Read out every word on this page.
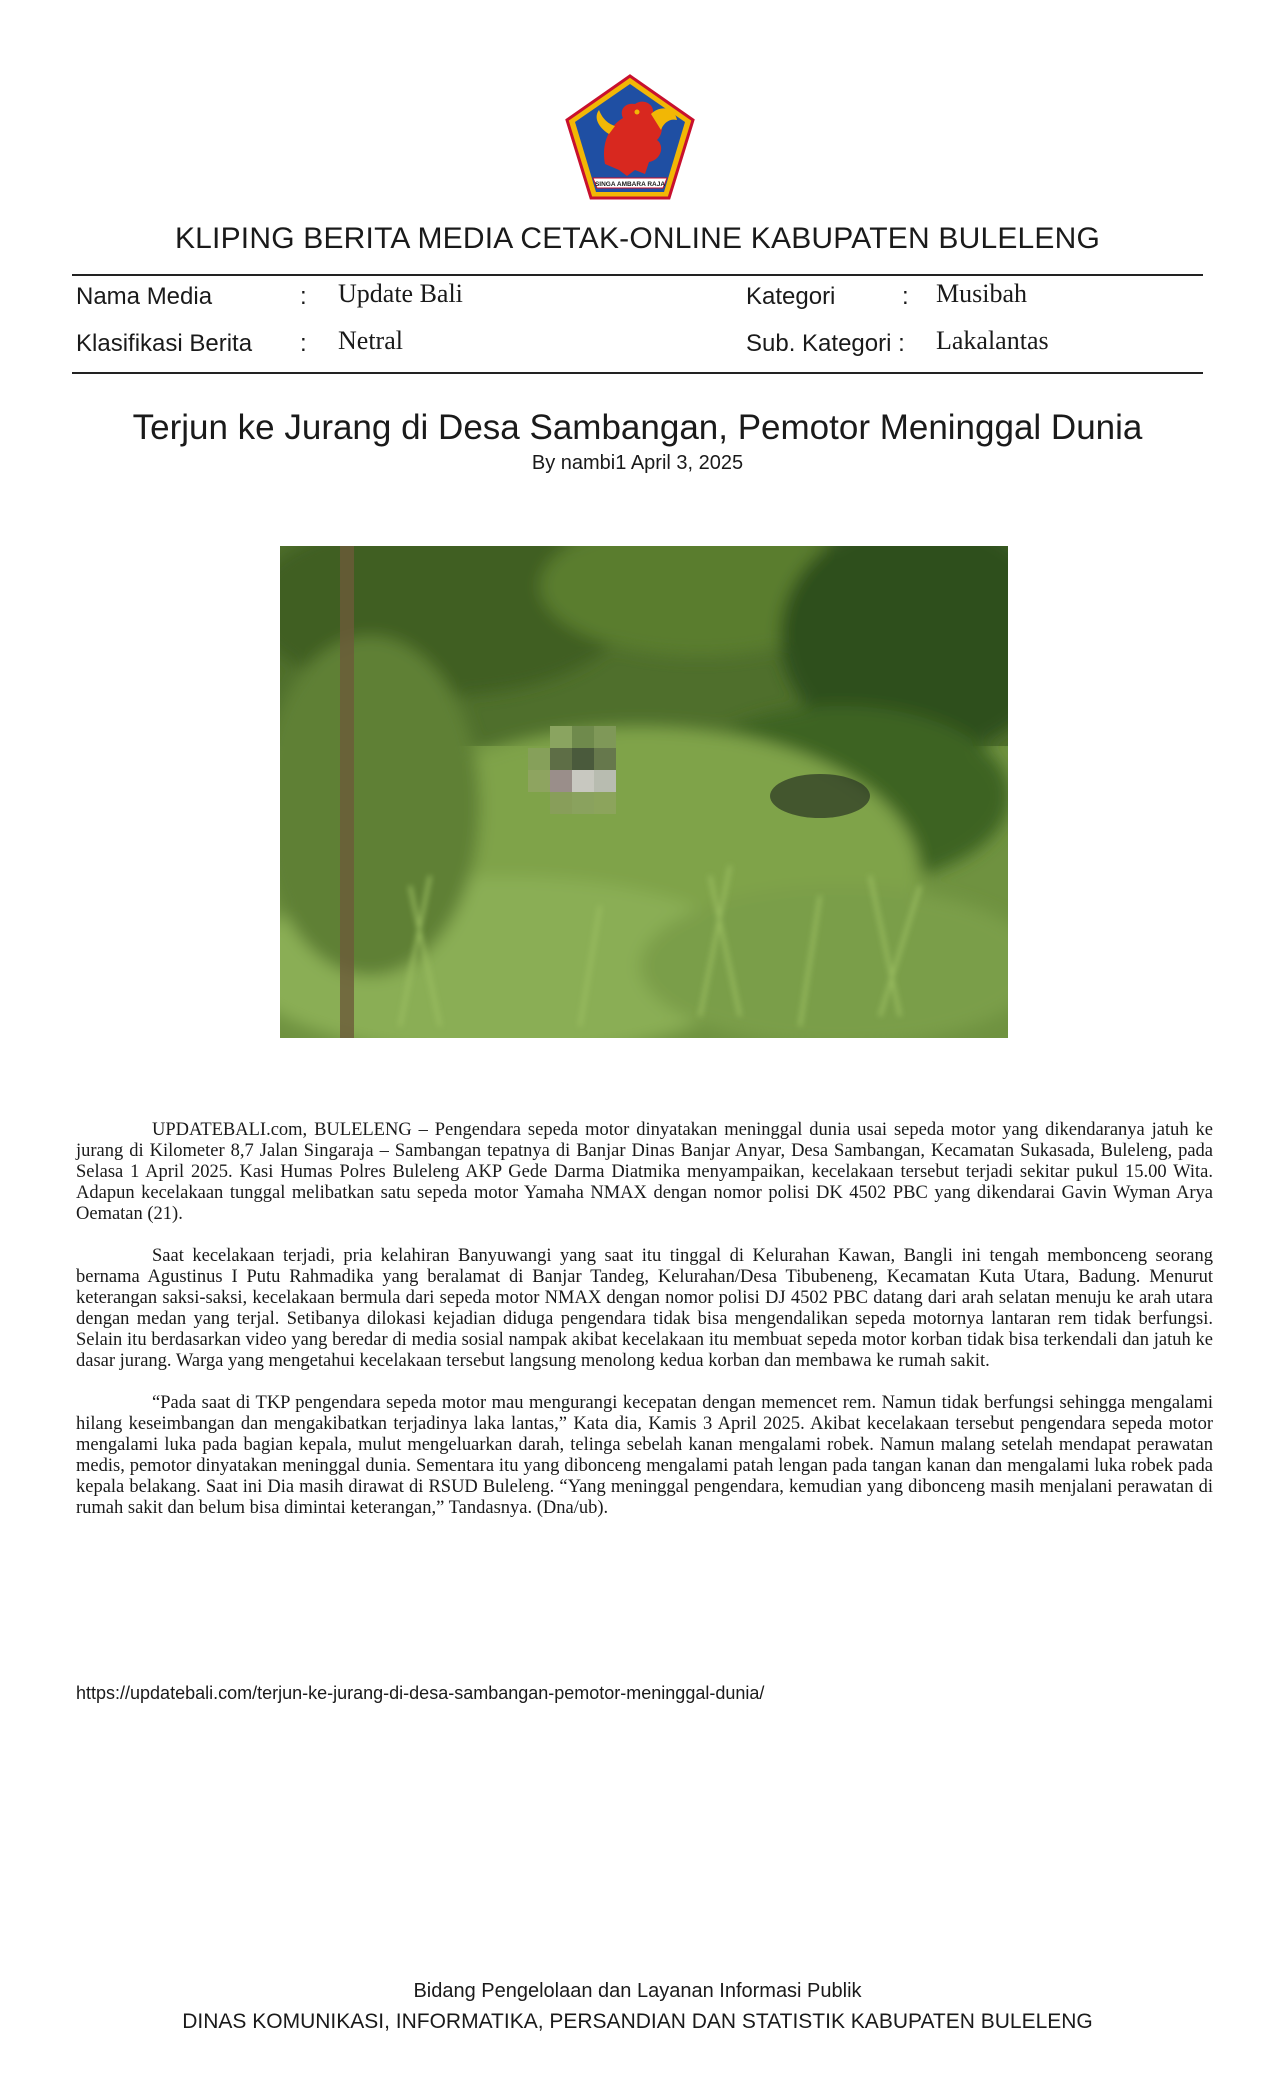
SINGA AMBARA RAJA
KLIPING BERITA MEDIA CETAK-ONLINE KABUPATEN BULELENG
Nama Media	: Update Bali	Kategori	: Musibah
Klasifikasi Berita : Netral	Sub. Kategori : Lakalantas
Terjun ke Jurang di Desa Sambangan, Pemotor Meninggal Dunia
By nambi1 April 3, 2025

UPDATEBALI.com, BULELENG – Pengendara sepeda motor dinyatakan meninggal dunia usai sepeda motor yang dikendaranya jatuh ke jurang di Kilometer 8,7 Jalan Singaraja – Sambangan tepatnya di Banjar Dinas Banjar Anyar, Desa Sambangan, Kecamatan Sukasada, Buleleng, pada Selasa 1 April 2025. Kasi Humas Polres Buleleng AKP Gede Darma Diatmika menyampaikan, kecelakaan tersebut terjadi sekitar pukul 15.00 Wita. Adapun kecelakaan tunggal melibatkan satu sepeda motor Yamaha NMAX dengan nomor polisi DK 4502 PBC yang dikendarai Gavin Wyman Arya Oematan (21).

Saat kecelakaan terjadi, pria kelahiran Banyuwangi yang saat itu tinggal di Kelurahan Kawan, Bangli ini tengah membonceng seorang bernama Agustinus I Putu Rahmadika yang beralamat di Banjar Tandeg, Kelurahan/Desa Tibubeneng, Kecamatan Kuta Utara, Badung. Menurut keterangan saksi-saksi, kecelakaan bermula dari sepeda motor NMAX dengan nomor polisi DJ 4502 PBC datang dari arah selatan menuju ke arah utara dengan medan yang terjal. Setibanya dilokasi kejadian diduga pengendara tidak bisa mengendalikan sepeda motornya lantaran rem tidak berfungsi. Selain itu berdasarkan video yang beredar di media sosial nampak akibat kecelakaan itu membuat sepeda motor korban tidak bisa terkendali dan jatuh ke dasar jurang. Warga yang mengetahui kecelakaan tersebut langsung menolong kedua korban dan membawa ke rumah sakit.

“Pada saat di TKP pengendara sepeda motor mau mengurangi kecepatan dengan memencet rem. Namun tidak berfungsi sehingga mengalami hilang keseimbangan dan mengakibatkan terjadinya laka lantas,” Kata dia, Kamis 3 April 2025. Akibat kecelakaan tersebut pengendara sepeda motor mengalami luka pada bagian kepala, mulut mengeluarkan darah, telinga sebelah kanan mengalami robek. Namun malang setelah mendapat perawatan medis, pemotor dinyatakan meninggal dunia. Sementara itu yang dibonceng mengalami patah lengan pada tangan kanan dan mengalami luka robek pada kepala belakang. Saat ini Dia masih dirawat di RSUD Buleleng. “Yang meninggal pengendara, kemudian yang dibonceng masih menjalani perawatan di rumah sakit dan belum bisa dimintai keterangan,” Tandasnya. (Dna/ub).

https://updatebali.com/terjun-ke-jurang-di-desa-sambangan-pemotor-meninggal-dunia/
Bidang Pengelolaan dan Layanan Informasi Publik
DINAS KOMUNIKASI, INFORMATIKA, PERSANDIAN DAN STATISTIK KABUPATEN BULELENG
